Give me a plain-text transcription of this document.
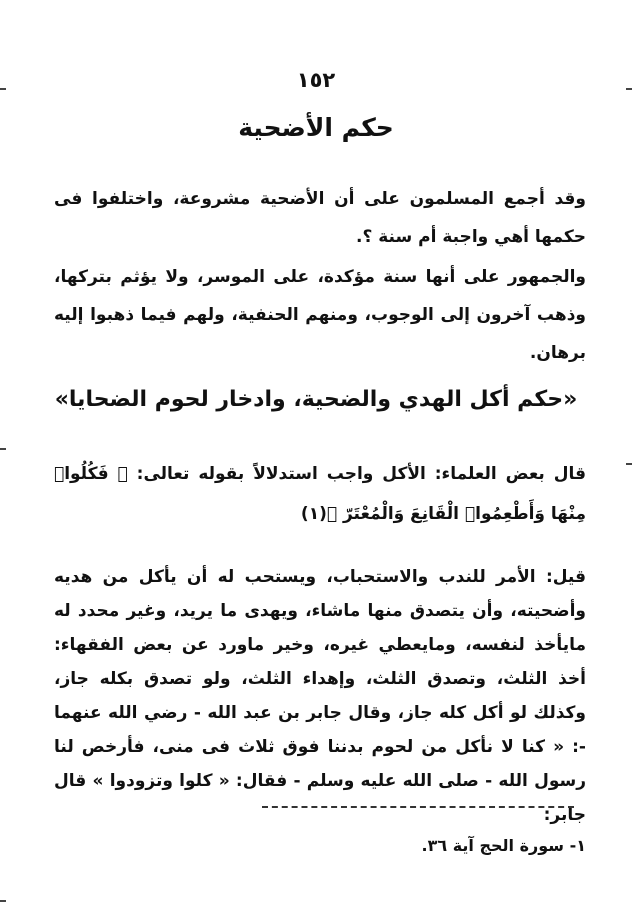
١٥٢
حكم الأضحية
وقد أجمع المسلمون على أن الأضحية مشروعة، واختلفوا فى حكمها أهي واجبة أم سنة ؟.
والجمهور على أنها سنة مؤكدة، على الموسر، ولا يؤثم بتركها، وذهب آخرون إلى الوجوب، ومنهم الحنفية، ولهم فيما ذهبوا إليه برهان.
«حكم أكل الهدي والضحية، وادخار لحوم الضحايا»
قال بعض العلماء: الأكل واجب استدلالاً بقوله تعالى: ﴿ فَكُلُوا۟ مِنْهَا وَأَطْعِمُوا۟ الْقَانِعَ وَالْمُعْتَرّ ﴾(١)
قيل: الأمر للندب والاستحباب، ويستحب له أن يأكل من هديه وأضحيته، وأن يتصدق منها ماشاء، ويهدى ما يريد، وغير محدد له مايأخذ لنفسه، ومايعطي غيره، وخير ماورد عن بعض الفقهاء: أخذ الثلث، وتصدق الثلث، وإهداء الثلث، ولو تصدق بكله جاز، وكذلك لو أكل كله جاز، وقال جابر بن عبد الله - رضي الله عنهما -: « كنا لا نأكل من لحوم بدننا فوق ثلاث فى منى، فأرخص لنا رسول الله - صلى الله عليه وسلم - فقال: « كلوا وتزودوا » قال جابر:
١- سورة الحج آية ٣٦.
